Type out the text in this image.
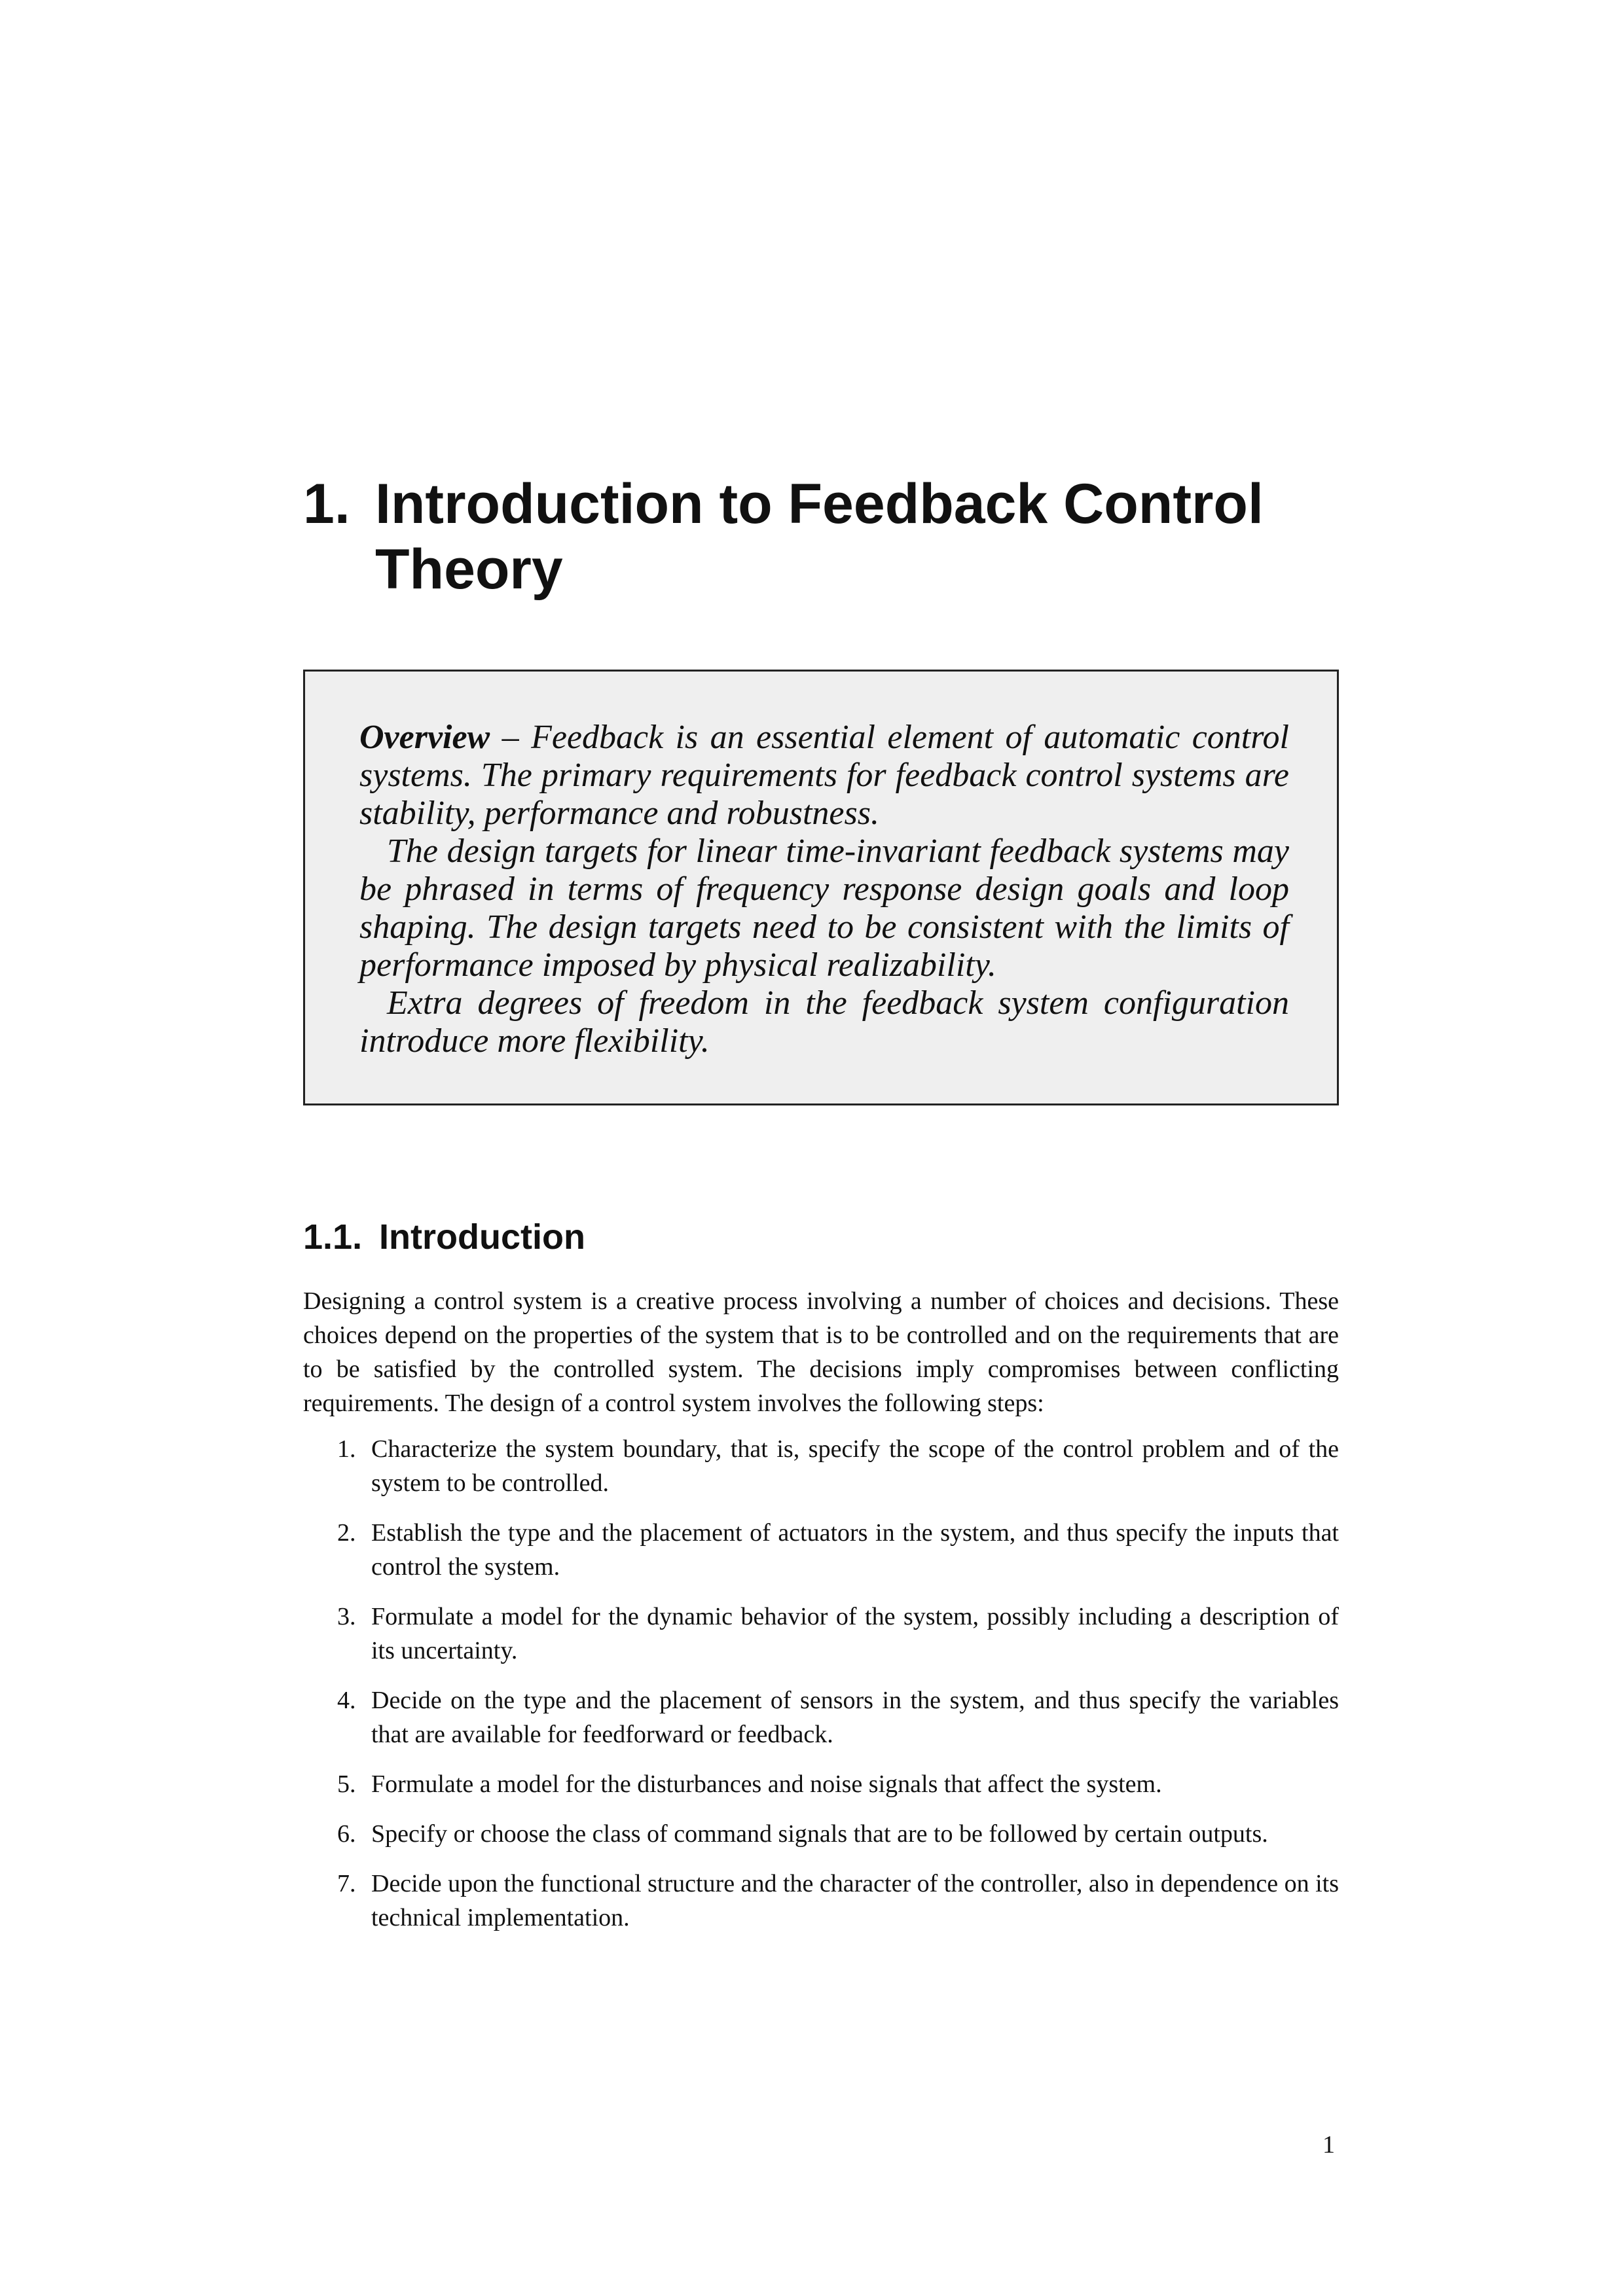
1. Introduction to Feedback Control
Theory

Overview – Feedback is an essential element of automatic control systems. The primary requirements for feedback control systems are stability, performance and robustness.

The design targets for linear time-invariant feedback systems may be phrased in terms of frequency response design goals and loop shaping. The design targets need to be consistent with the limits of performance imposed by physical realizability.

Extra degrees of freedom in the feedback system configuration introduce more flexibility.

1.1. Introduction

Designing a control system is a creative process involving a number of choices and decisions. These choices depend on the properties of the system that is to be controlled and on the requirements that are to be satisfied by the controlled system. The decisions imply compromises between conflicting requirements. The design of a control system involves the following steps:

1. Characterize the system boundary, that is, specify the scope of the control problem and of the system to be controlled.
2. Establish the type and the placement of actuators in the system, and thus specify the inputs that control the system.
3. Formulate a model for the dynamic behavior of the system, possibly including a description of its uncertainty.
4. Decide on the type and the placement of sensors in the system, and thus specify the variables that are available for feedforward or feedback.
5. Formulate a model for the disturbances and noise signals that affect the system.
6. Specify or choose the class of command signals that are to be followed by certain outputs.
7. Decide upon the functional structure and the character of the controller, also in dependence on its technical implementation.
1
